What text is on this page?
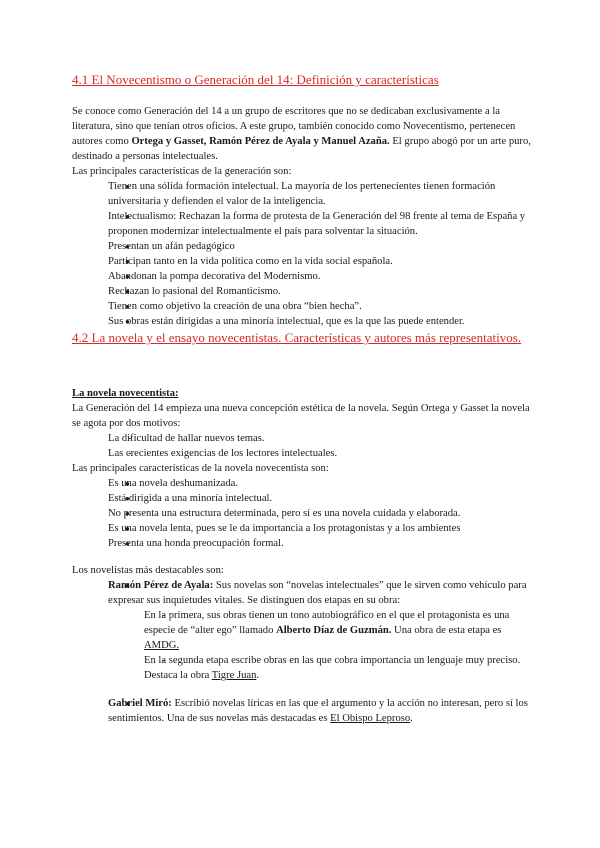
4.1 El Novecentismo o Generación del 14: Definición y características

Se conoce como Generación del 14 a un grupo de escritores que no se dedicaban exclusivamente a la literatura, sino que tenían otros oficios. A este grupo, también conocido como Novecentismo, pertenecen autores como Ortega y Gasset, Ramón Pérez de Ayala y Manuel Azaña. El grupo abogó por un arte puro, destinado a personas intelectuales.

Las principales características de la generación son:

● Tienen una sólida formación intelectual. La mayoría de los pertenecientes tienen formación universitaria y defienden el valor de la inteligencia.
● Intelectualismo: Rechazan la forma de protesta de la Generación del 98 frente al tema de España y proponen modernizar intelectualmente el país para solventar la situación.
● Presentan un afán pedagógico
● Participan tanto en la vida política como en la vida social española.
● Abandonan la pompa decorativa del Modernismo.
● Rechazan lo pasional del Romanticismo.
● Tienen como objetivo la creación de una obra “bien hecha”.
● Sus obras están dirigidas a una minoría intelectual, que es la que las puede entender.
4.2 La novela y el ensayo novecentistas. Características y autores más representativos.

La novela novecentista:

La Generación del 14 empieza una nueva concepción estética de la novela. Según Ortega y Gasset la novela se agota por dos motivos:

- La dificultad de hallar nuevos temas.
- Las crecientes exigencias de los lectores intelectuales.

Las principales características de la novela novecentista son:

● Es una novela deshumanizada.
● Está dirigida a una minoría intelectual.
● No presenta una estructura determinada, pero sí es una novela cuidada y elaborada.
● Es una novela lenta, pues se le da importancia a los protagonistas y a los ambientes
● Presenta una honda preocupación formal.

Los novelistas más destacables son:

● Ramón Pérez de Ayala: Sus novelas son “novelas intelectuales” que le sirven como vehículo para expresar sus inquietudes vitales. Se distinguen dos etapas en su obra:
- En la primera, sus obras tienen un tono autobiográfico en el que el protagonista es una especie de “alter ego” llamado Alberto Díaz de Guzmán. Una obra de esta etapa es AMDG.
- En la segunda etapa escribe obras en las que cobra importancia un lenguaje muy preciso. Destaca la obra Tigre Juan.
● Gabriel Miró: Escribió novelas líricas en las que el argumento y la acción no interesan, pero sí los sentimientos. Una de sus novelas más destacadas es El Obispo Leproso.
